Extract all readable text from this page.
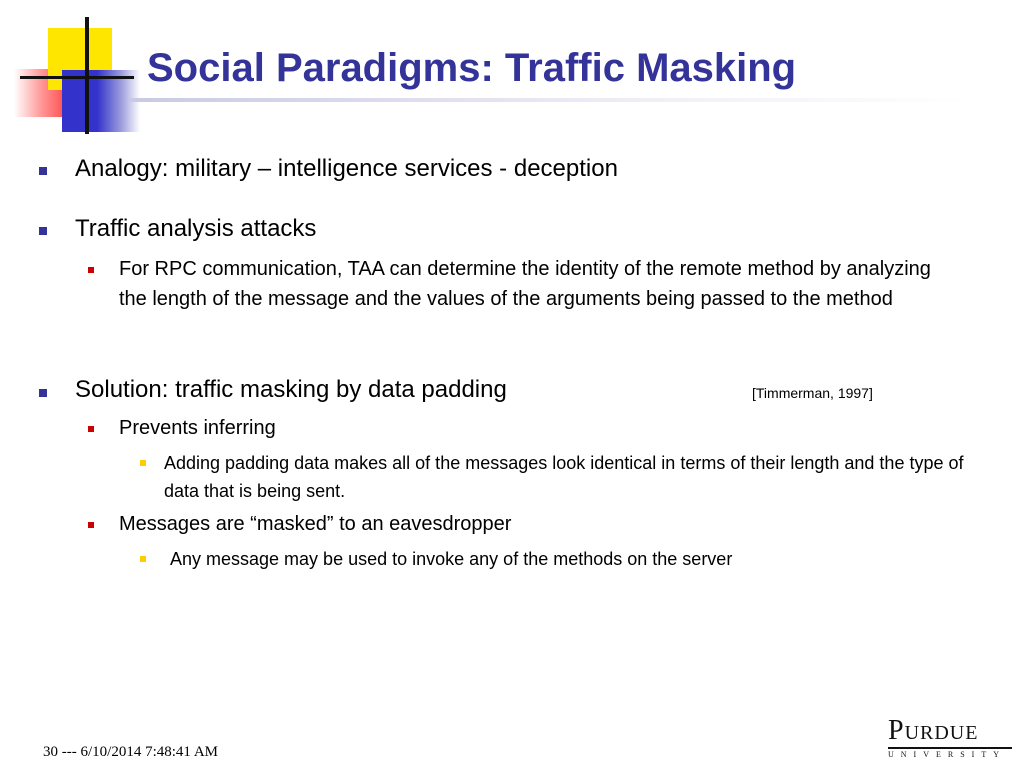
Social Paradigms: Traffic Masking

Analogy: military – intelligence services - deception

Traffic analysis attacks

For RPC communication, TAA can determine the identity of the remote method by analyzing the length of the message and the values of the arguments being passed to the method

Solution: traffic masking by data padding	[Timmerman, 1997]

Prevents inferring

Adding padding data makes all of the messages look identical in terms of their length and the type of data that is being sent.

Messages are “masked” to an eavesdropper

Any message may be used to invoke any of the methods on the server

30 --- 6/10/2014 7:48:41 AM
Purdue
UNIVERSITY
